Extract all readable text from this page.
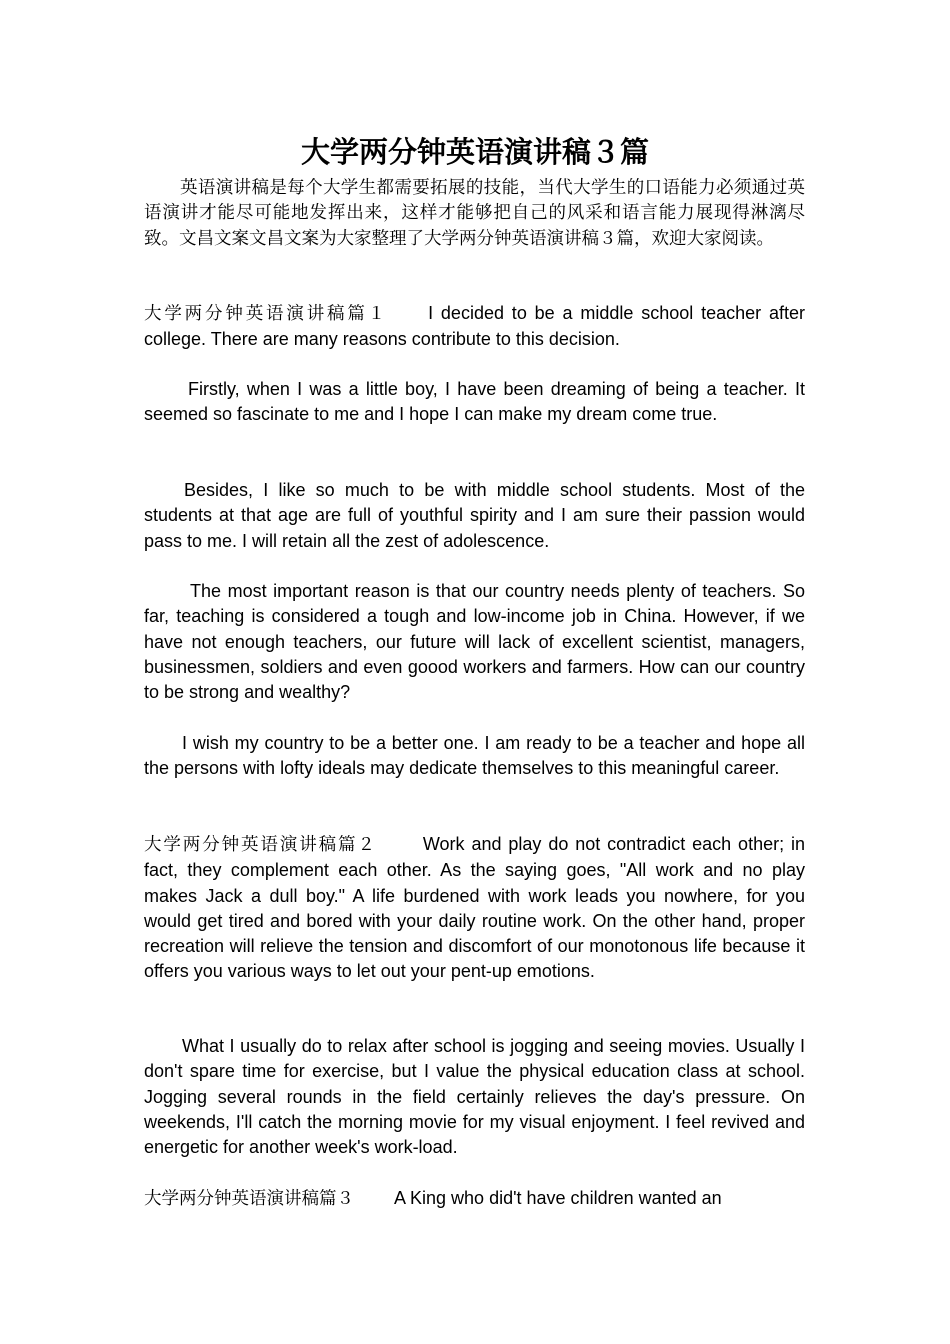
大学两分钟英语演讲稿３篇

英语演讲稿是每个大学生都需要拓展的技能，当代大学生的口语能力必须通过英语演讲才能尽可能地发挥出来，这样才能够把自己的风采和语言能力展现得淋漓尽致。文昌文案文昌文案为大家整理了大学两分钟英语演讲稿３篇，欢迎大家阅读。

大学两分钟英语演讲稿篇１ I decided to be a middle school teacher after college. There are many reasons contribute to this decision.

Firstly, when I was a little boy, I have been dreaming of being a teacher. It seemed so fascinate to me and I hope I can make my dream come true.

Besides, I like so much to be with middle school students. Most of the students at that age are full of youthful spirity and I am sure their passion would pass to me. I will retain all the zest of adolescence.

The most important reason is that our country needs plenty of teachers. So far, teaching is considered a tough and low-income job in China. However, if we have not enough teachers, our future will lack of excellent scientist, managers, businessmen, soldiers and even goood workers and farmers. How can our country to be strong and wealthy?

I wish my country to be a better one. I am ready to be a teacher and hope all the persons with lofty ideals may dedicate themselves to this meaningful career.

大学两分钟英语演讲稿篇２	Work and play do not contradict each other; in fact, they complement each other. As the saying goes, "All work and no play makes Jack a dull boy." A life burdened with work leads you nowhere, for you would get tired and bored with your daily routine work. On the other hand, proper recreation will relieve the tension and discomfort of our monotonous life because it offers you various ways to let out your pent-up emotions.

What I usually do to relax after school is jogging and seeing movies. Usually I don't spare time for exercise, but I value the physical education class at school. Jogging several rounds in the field certainly relieves the day's pressure. On weekends, I'll catch the morning movie for my visual enjoyment. I feel revived and energetic for another week's work-load.

大学两分钟英语演讲稿篇３ A King who did't have children wanted an
